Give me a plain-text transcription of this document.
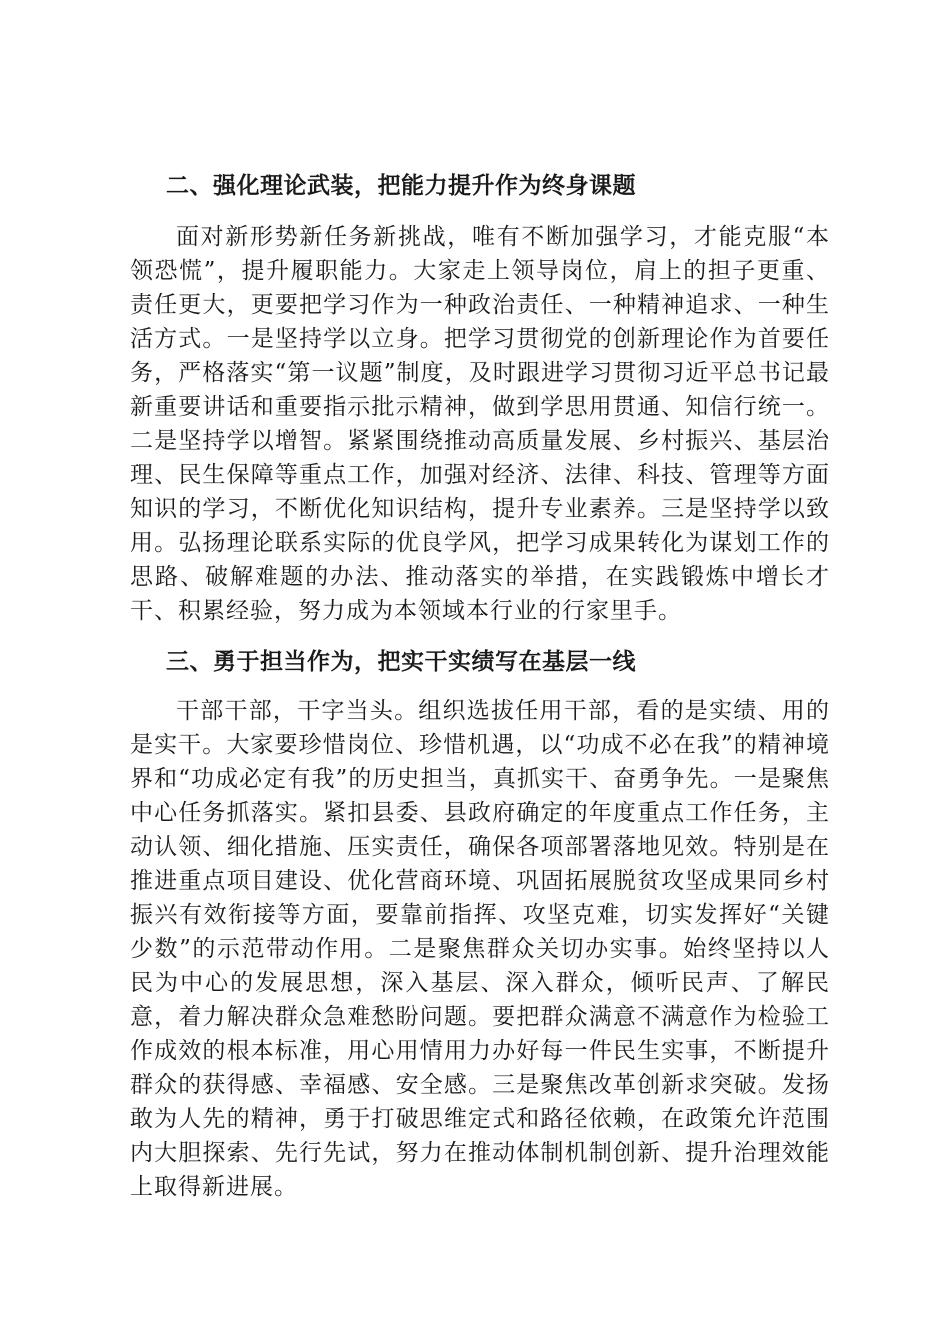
二、强化理论武装，把能力提升作为终身课题

面对新形势新任务新挑战，唯有不断加强学习，才能克服“本领恐慌”，提升履职能力。大家走上领导岗位，肩上的担子更重、责任更大，更要把学习作为一种政治责任、一种精神追求、一种生活方式。一是坚持学以立身。把学习贯彻党的创新理论作为首要任务，严格落实“第一议题”制度，及时跟进学习贯彻习近平总书记最新重要讲话和重要指示批示精神，做到学思用贯通、知信行统一。二是坚持学以增智。紧紧围绕推动高质量发展、乡村振兴、基层治理、民生保障等重点工作，加强对经济、法律、科技、管理等方面知识的学习，不断优化知识结构，提升专业素养。三是坚持学以致用。弘扬理论联系实际的优良学风，把学习成果转化为谋划工作的思路、破解难题的办法、推动落实的举措，在实践锻炼中增长才干、积累经验，努力成为本领域本行业的行家里手。

三、勇于担当作为，把实干实绩写在基层一线

干部干部，干字当头。组织选拔任用干部，看的是实绩、用的是实干。大家要珍惜岗位、珍惜机遇，以“功成不必在我”的精神境界和“功成必定有我”的历史担当，真抓实干、奋勇争先。一是聚焦中心任务抓落实。紧扣县委、县政府确定的年度重点工作任务，主动认领、细化措施、压实责任，确保各项部署落地见效。特别是在推进重点项目建设、优化营商环境、巩固拓展脱贫攻坚成果同乡村振兴有效衔接等方面，要靠前指挥、攻坚克难，切实发挥好“关键少数”的示范带动作用。二是聚焦群众关切办实事。始终坚持以人民为中心的发展思想，深入基层、深入群众，倾听民声、了解民意，着力解决群众急难愁盼问题。要把群众满意不满意作为检验工作成效的根本标准，用心用情用力办好每一件民生实事，不断提升群众的获得感、幸福感、安全感。三是聚焦改革创新求突破。发扬敢为人先的精神，勇于打破思维定式和路径依赖，在政策允许范围内大胆探索、先行先试，努力在推动体制机制创新、提升治理效能上取得新进展。
